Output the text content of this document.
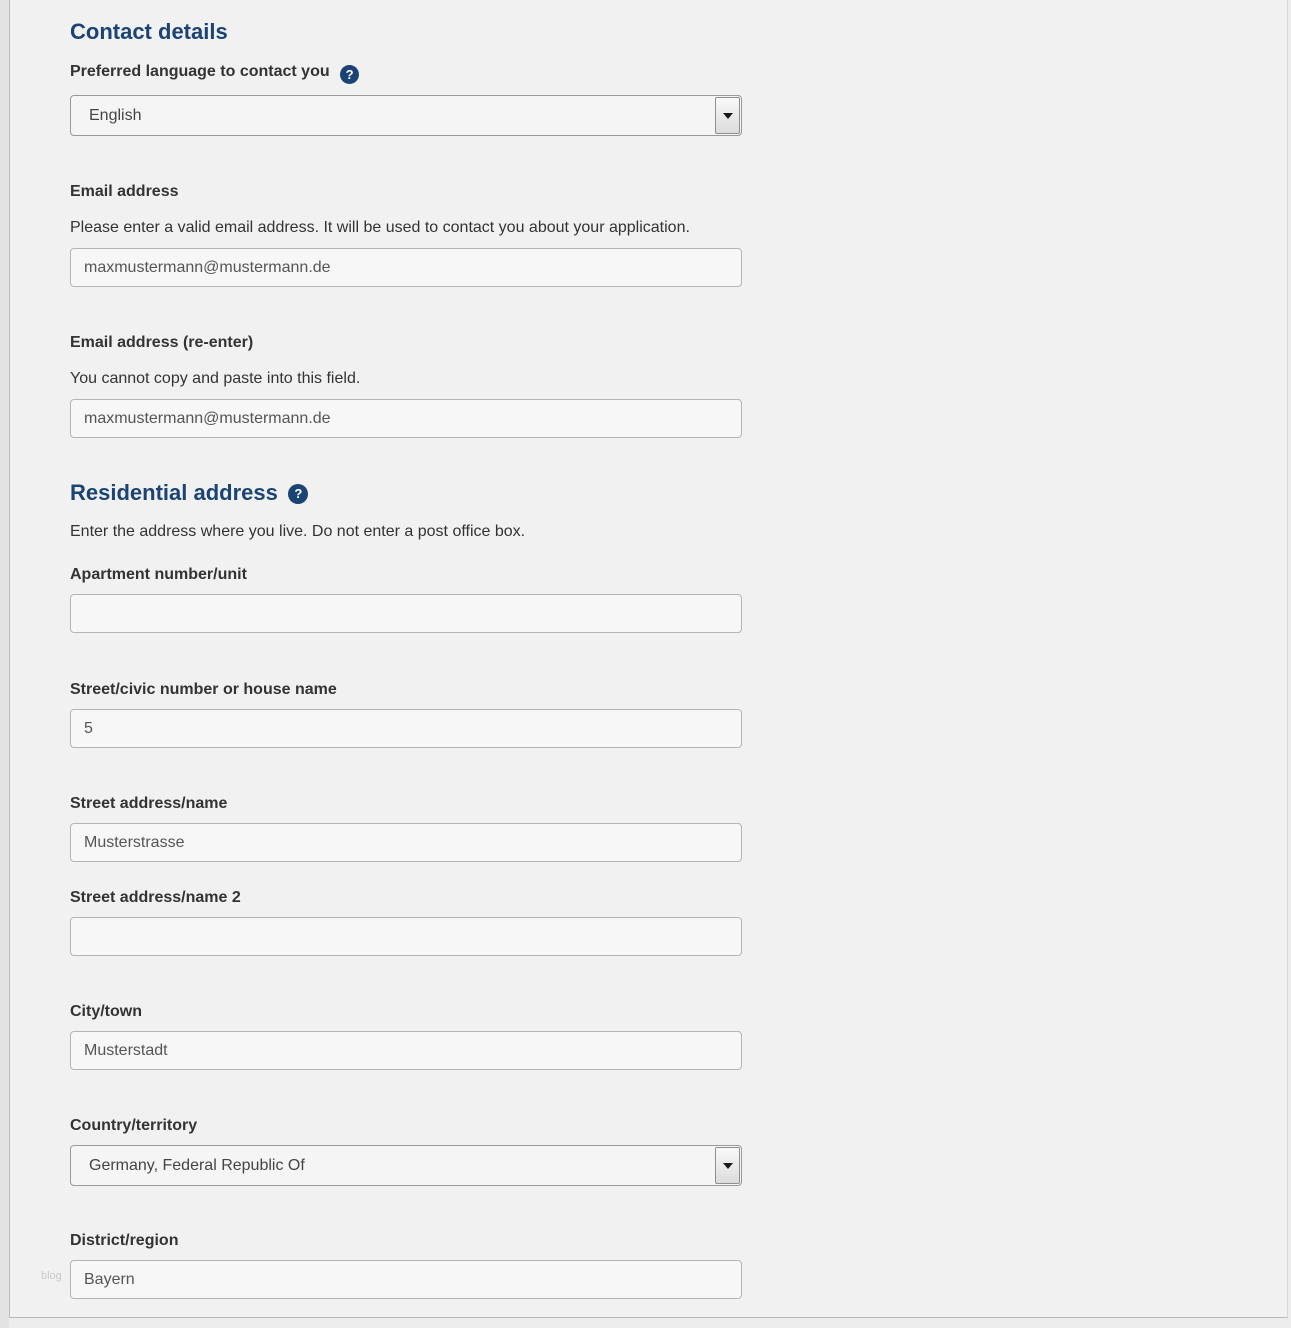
Contact details
Preferred language to contact you ?
English
Email address
Please enter a valid email address. It will be used to contact you about your application.
maxmustermann@mustermann.de
Email address (re-enter)
You cannot copy and paste into this field.
maxmustermann@mustermann.de
Residential address ?
Enter the address where you live. Do not enter a post office box.
Apartment number/unit
Street/civic number or house name
5
Street address/name
Musterstrasse
Street address/name 2
City/town
Musterstadt
Country/territory
Germany, Federal Republic Of
District/region
Bayern
blog
